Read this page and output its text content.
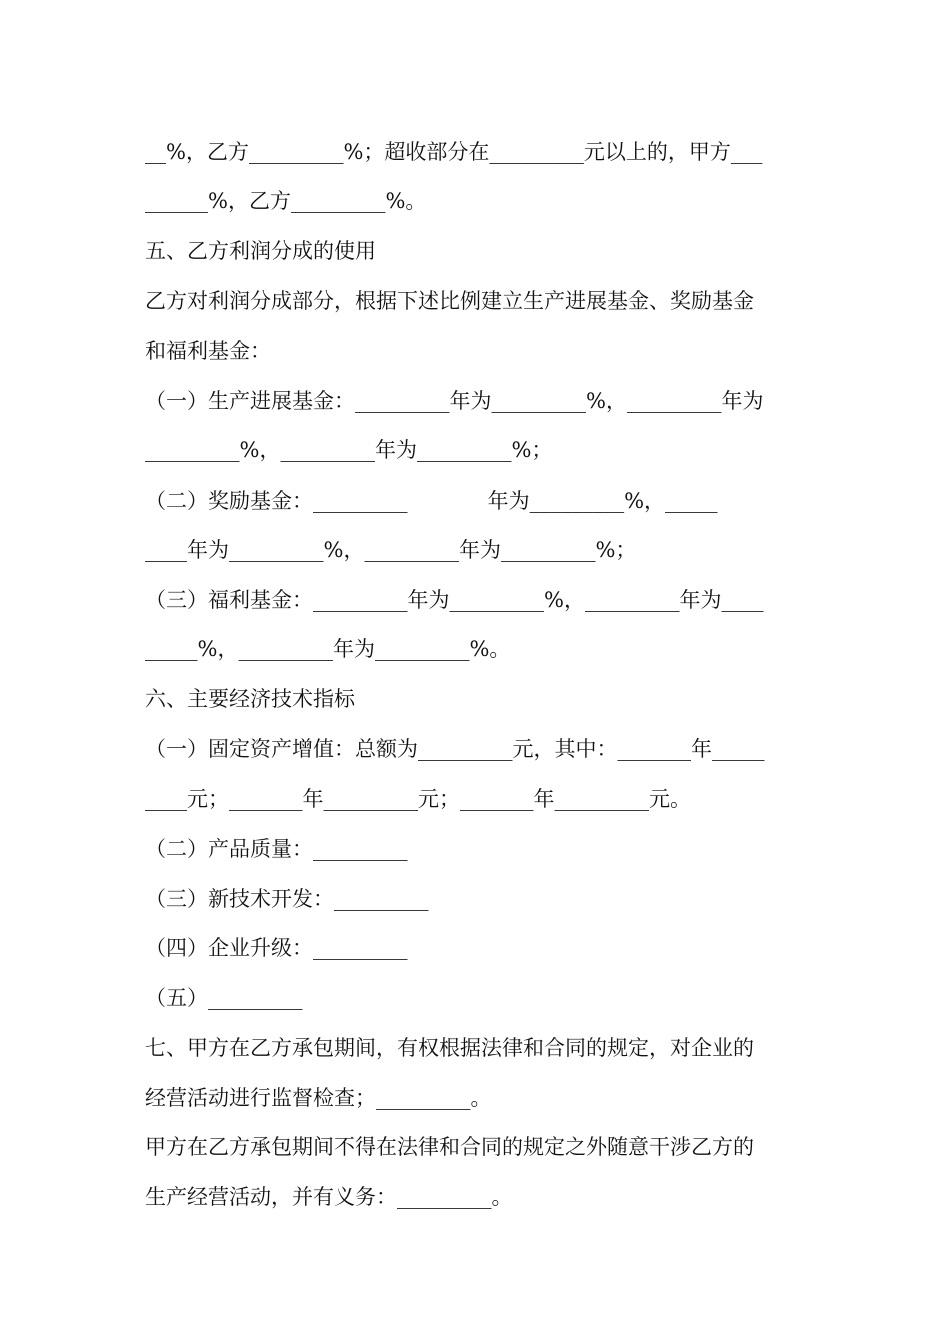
__%，乙方_________%；超收部分在_________元以上的，甲方___
______%，乙方_________%。
五、乙方利润分成的使用
乙方对利润分成部分，根据下述比例建立生产进展基金、奖励基金
和福利基金：
（一）生产进展基金：_________年为_________%，_________年为
_________%，_________年为_________%；
（二）奖励基金：_________            年为_________%，_____
____年为_________%，_________年为_________%；
（三）福利基金：_________年为_________%，_________年为____
_____%，_________年为_________%。
六、主要经济技术指标
（一）固定资产增值：总额为_________元，其中：_______年_____
____元；_______年_________元；_______年_________元。
（二）产品质量：_________
（三）新技术开发：_________
（四）企业升级：_________
（五）_________
七、甲方在乙方承包期间，有权根据法律和合同的规定，对企业的
经营活动进行监督检查；_________。
甲方在乙方承包期间不得在法律和合同的规定之外随意干涉乙方的
生产经营活动，并有义务：_________。
